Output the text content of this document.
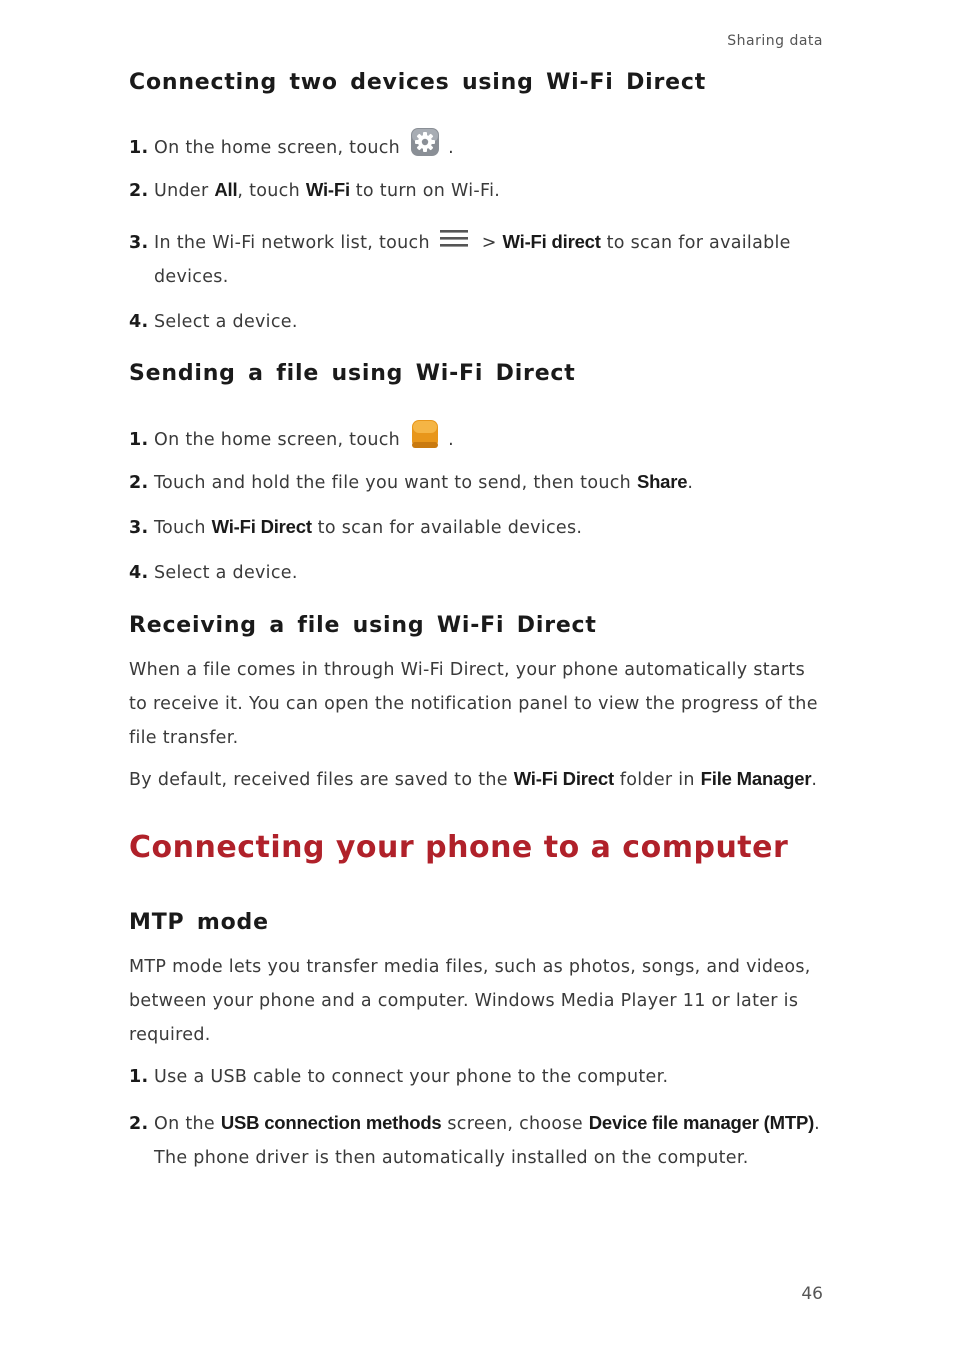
Sharing data
Connecting two devices using Wi-Fi Direct
1. On the home screen, touch	.
2. Under All, touch Wi-Fi to turn on Wi-Fi.
3. In the Wi-Fi network list, touch	> Wi-Fi direct to scan for available
devices.
4. Select a device.
Sending a file using Wi-Fi Direct
1. On the home screen, touch	.
2. Touch and hold the file you want to send, then touch Share.
3. Touch Wi-Fi Direct to scan for available devices.
4. Select a device.
Receiving a file using Wi-Fi Direct
When a file comes in through Wi-Fi Direct, your phone automatically starts to receive it. You can open the notification panel to view the progress of the file transfer.
By default, received files are saved to the Wi-Fi Direct folder in File Manager.
Connecting your phone to a computer
MTP mode
MTP mode lets you transfer media files, such as photos, songs, and videos, between your phone and a computer. Windows Media Player 11 or later is required.
1. Use a USB cable to connect your phone to the computer.
2. On the USB connection methods screen, choose Device file manager (MTP).
The phone driver is then automatically installed on the computer.
46
